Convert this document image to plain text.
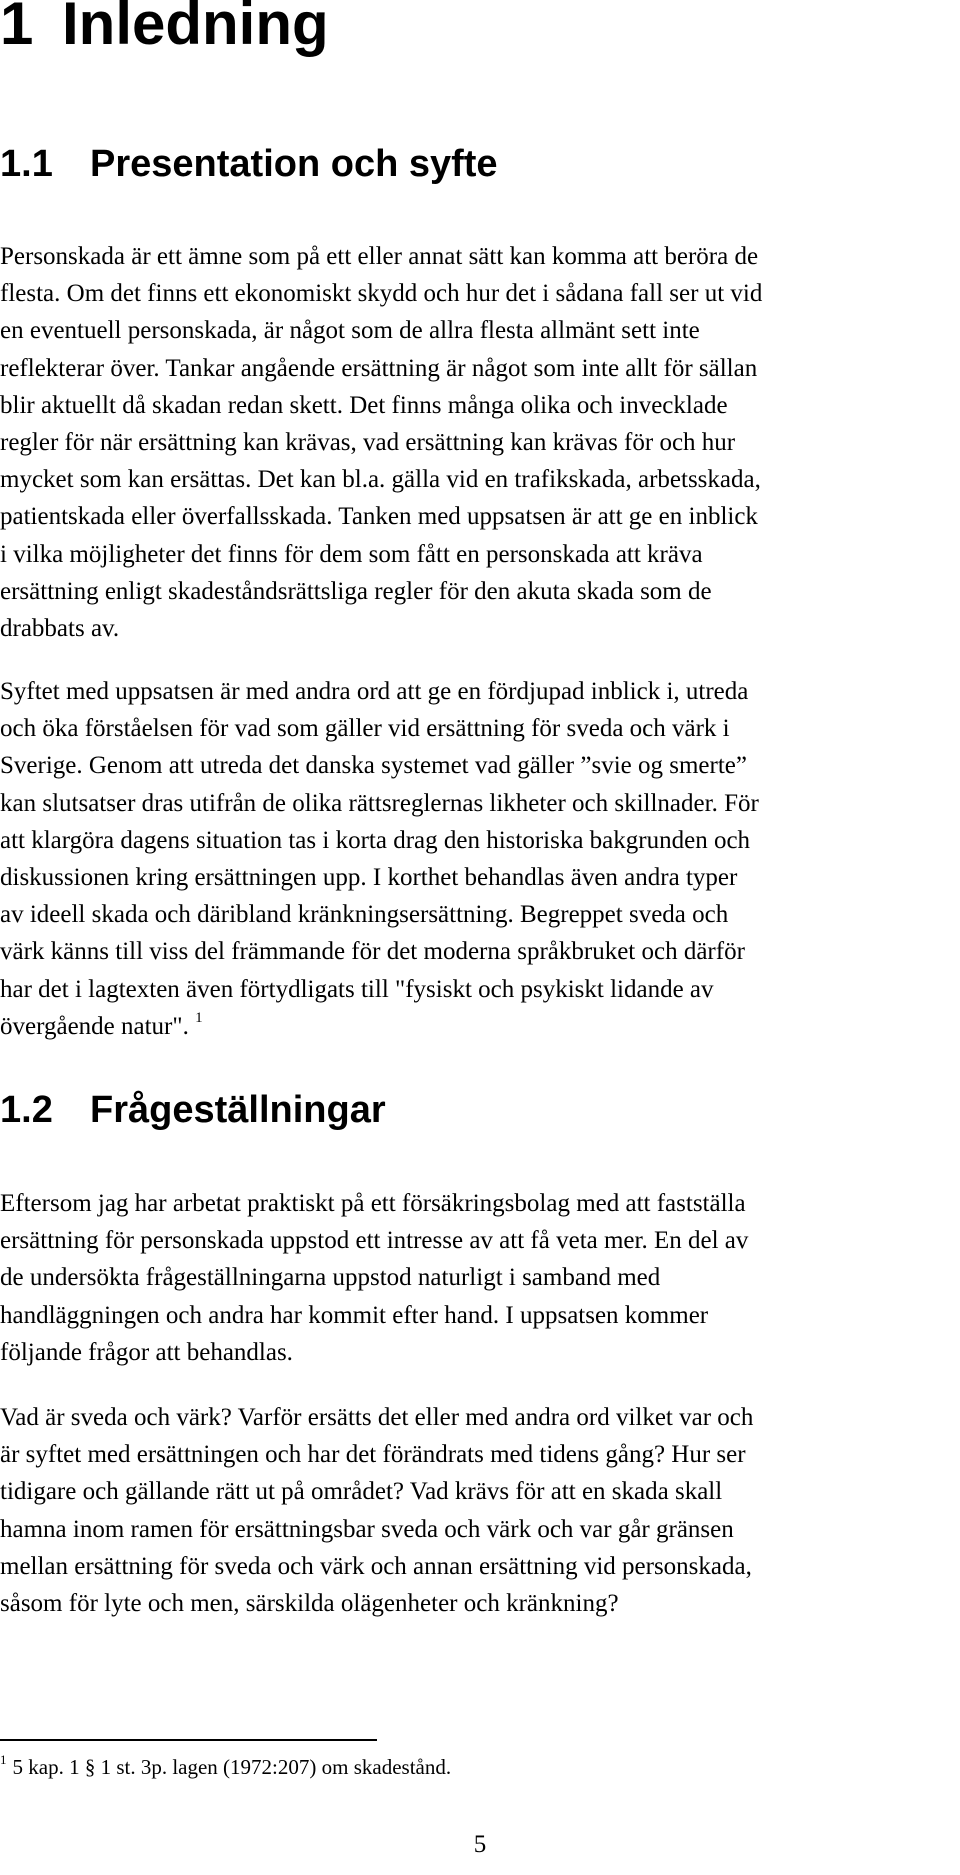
1 Inledning
1.1 Presentation och syfte

Personskada är ett ämne som på ett eller annat sätt kan komma att beröra de
flesta. Om det finns ett ekonomiskt skydd och hur det i sådana fall ser ut vid
en eventuell personskada, är något som de allra flesta allmänt sett inte
reflekterar över. Tankar angående ersättning är något som inte allt för sällan
blir aktuellt då skadan redan skett. Det finns många olika och invecklade
regler för när ersättning kan krävas, vad ersättning kan krävas för och hur
mycket som kan ersättas. Det kan bl.a. gälla vid en trafikskada, arbetsskada,
patientskada eller överfallsskada. Tanken med uppsatsen är att ge en inblick
i vilka möjligheter det finns för dem som fått en personskada att kräva
ersättning enligt skadeståndsrättsliga regler för den akuta skada som de
drabbats av.

Syftet med uppsatsen är med andra ord att ge en fördjupad inblick i, utreda
och öka förståelsen för vad som gäller vid ersättning för sveda och värk i
Sverige. Genom att utreda det danska systemet vad gäller ”svie og smerte”
kan slutsatser dras utifrån de olika rättsreglernas likheter och skillnader. För
att klargöra dagens situation tas i korta drag den historiska bakgrunden och
diskussionen kring ersättningen upp. I korthet behandlas även andra typer
av ideell skada och däribland kränkningsersättning. Begreppet sveda och
värk känns till viss del främmande för det moderna språkbruket och därför
har det i lagtexten även förtydligats till "fysiskt och psykiskt lidande av
övergående natur". $^1$

1.2 Frågeställningar

Eftersom jag har arbetat praktiskt på ett försäkringsbolag med att fastställa
ersättning för personskada uppstod ett intresse av att få veta mer. En del av
de undersökta frågeställningarna uppstod naturligt i samband med
handläggningen och andra har kommit efter hand. I uppsatsen kommer
följande frågor att behandlas.

Vad är sveda och värk? Varför ersätts det eller med andra ord vilket var och
är syftet med ersättningen och har det förändrats med tidens gång? Hur ser
tidigare och gällande rätt ut på området? Vad krävs för att en skada skall
hamna inom ramen för ersättningsbar sveda och värk och var går gränsen
mellan ersättning för sveda och värk och annan ersättning vid personskada,
såsom för lyte och men, särskilda olägenheter och kränkning?

$^1$ 5 kap. 1 § 1 st. 3p. lagen (1972:207) om skadestånd.

5
